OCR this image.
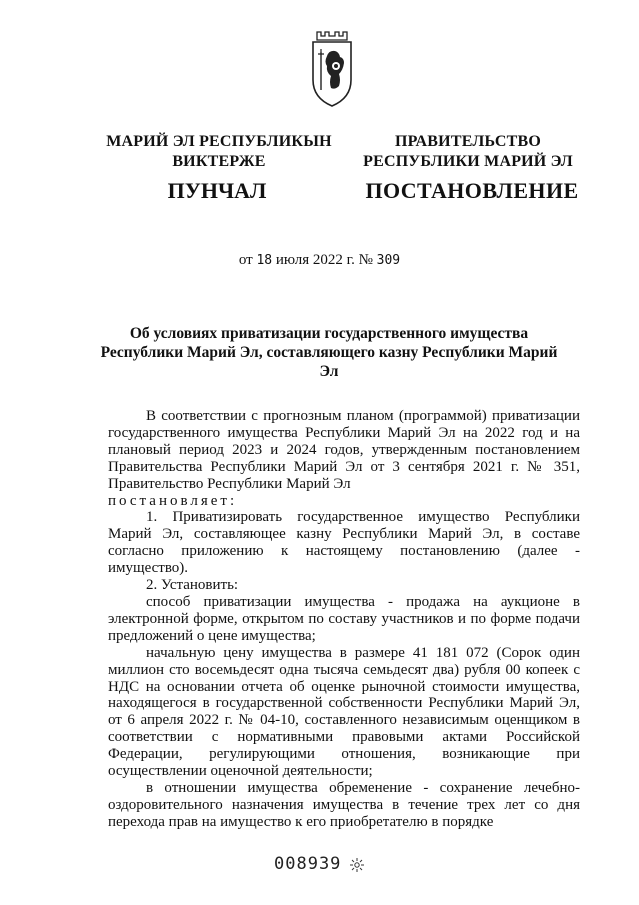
МАРИЙ ЭЛ РЕСПУБЛИКЫН
ВИКТЕРЖЕ
ПРАВИТЕЛЬСТВО
РЕСПУБЛИКИ МАРИЙ ЭЛ
ПУНЧАЛ	ПОСТАНОВЛЕНИЕ
от 18 июля 2022 г. № 309
Об условиях приватизации государственного имущества
Республики Марий Эл, составляющего казну Республики Марий Эл

В соответствии с прогнозным планом (программой) приватизации государственного имущества Республики Марий Эл на 2022 год и на плановый период 2023 и 2024 годов, утвержденным постановлением Правительства Республики Марий Эл от 3 сентября 2021 г. № 351, Правительство Республики Марий Эл

постановляет:

1. Приватизировать государственное имущество Республики Марий Эл, составляющее казну Республики Марий Эл, в составе согласно приложению к настоящему постановлению (далее - имущество).

2. Установить:

способ приватизации имущества - продажа на аукционе в электронной форме, открытом по составу участников и по форме подачи предложений о цене имущества;

начальную цену имущества в размере 41 181 072 (Сорок один миллион сто восемьдесят одна тысяча семьдесят два) рубля 00 копеек с НДС на основании отчета об оценке рыночной стоимости имущества, находящегося в государственной собственности Республики Марий Эл, от 6 апреля 2022 г. № 04-10, составленного независимым оценщиком в соответствии с нормативными правовыми актами Российской Федерации, регулирующими отношения, возникающие при осуществлении оценочной деятельности;

в отношении имущества обременение - сохранение лечебно-оздоровительного назначения имущества в течение трех лет со дня перехода прав на имущество к его приобретателю в порядке

008939
